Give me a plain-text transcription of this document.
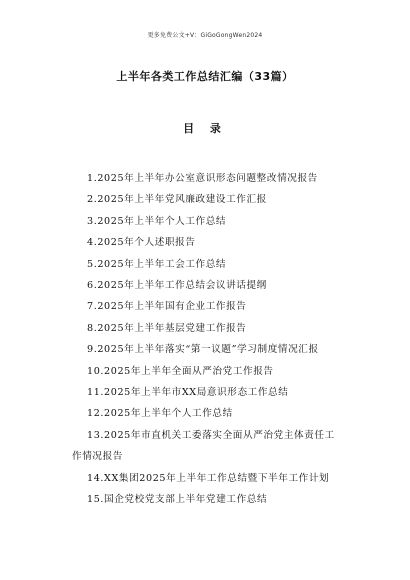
更多免费公文+V：GiGoGongWen2024
上半年各类工作总结汇编（33篇）
目 录
1.2025年上半年办公室意识形态问题整改情况报告
2.2025年上半年党风廉政建设工作汇报
3.2025年上半年个人工作总结
4.2025年个人述职报告
5.2025年上半年工会工作总结
6.2025年上半年工作总结会议讲话提纲
7.2025年上半年国有企业工作报告
8.2025年上半年基层党建工作报告
9.2025年上半年落实“第一议题”学习制度情况汇报
10.2025年上半年全面从严治党工作报告
11.2025年上半年市XX局意识形态工作总结
12.2025年上半年个人工作总结
13.2025年市直机关工委落实全面从严治党主体责任工
作情况报告
14.XX集团2025年上半年工作总结暨下半年工作计划
15.国企党校党支部上半年党建工作总结
